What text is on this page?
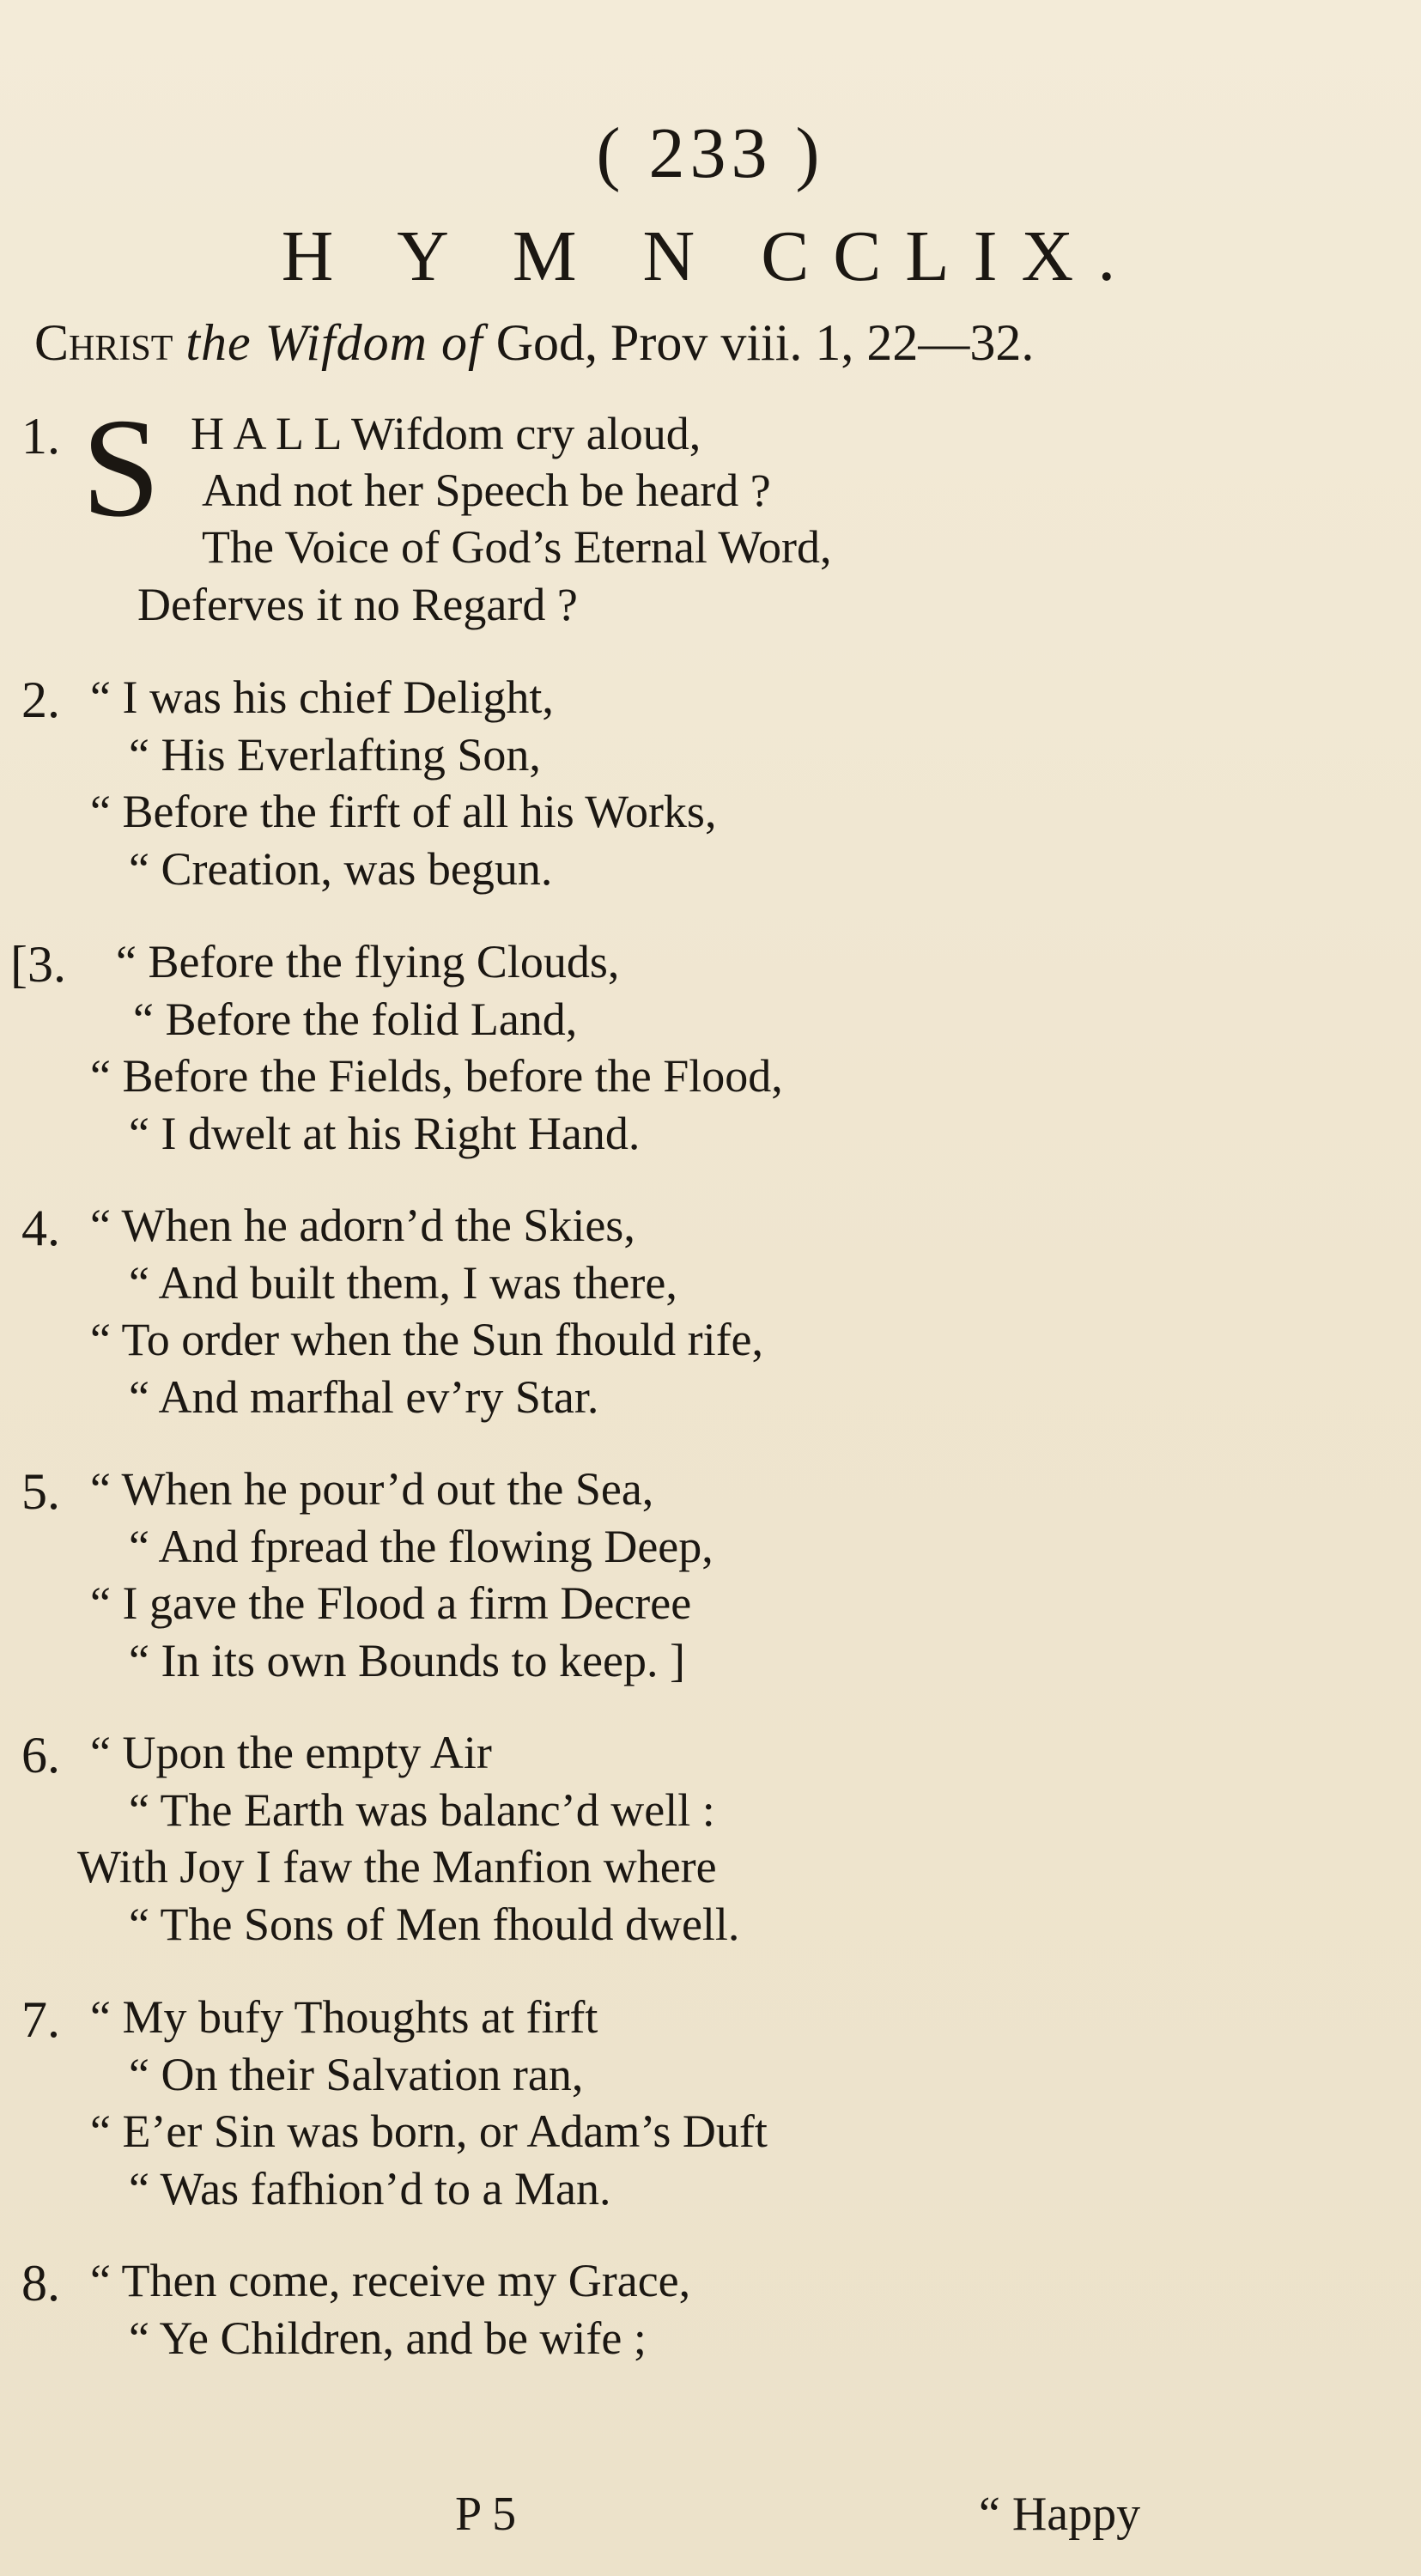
( 233 )
H Y M N CCLIX.
Christ the Wifdom of God, Prov viii. 1, 22—32.
1. S H A L L Wifdom cry aloud,
And not her Speech be heard ?
The Voice of God’s Eternal Word,
Deferves it no Regard ?
2. “ I was his chief Delight,
“ His Everlafting Son,
“ Before the firft of all his Works,
“ Creation, was begun.
[3. “ Before the flying Clouds,
“ Before the folid Land,
“ Before the Fields, before the Flood,
“ I dwelt at his Right Hand.
4. “ When he adorn’d the Skies,
“ And built them, I was there,
“ To order when the Sun fhould rife,
“ And marfhal ev’ry Star.
5. “ When he pour’d out the Sea,
“ And fpread the flowing Deep,
“ I gave the Flood a firm Decree
“ In its own Bounds to keep. ]
6. “ Upon the empty Air
“ The Earth was balanc’d well :
With Joy I faw the Manfion where
“ The Sons of Men fhould dwell.
7. “ My bufy Thoughts at firft
“ On their Salvation ran,
“ E’er Sin was born, or Adam’s Duft
“ Was fafhion’d to a Man.
8. “ Then come, receive my Grace,
“ Ye Children, and be wife ;
P 5	“ Happy
